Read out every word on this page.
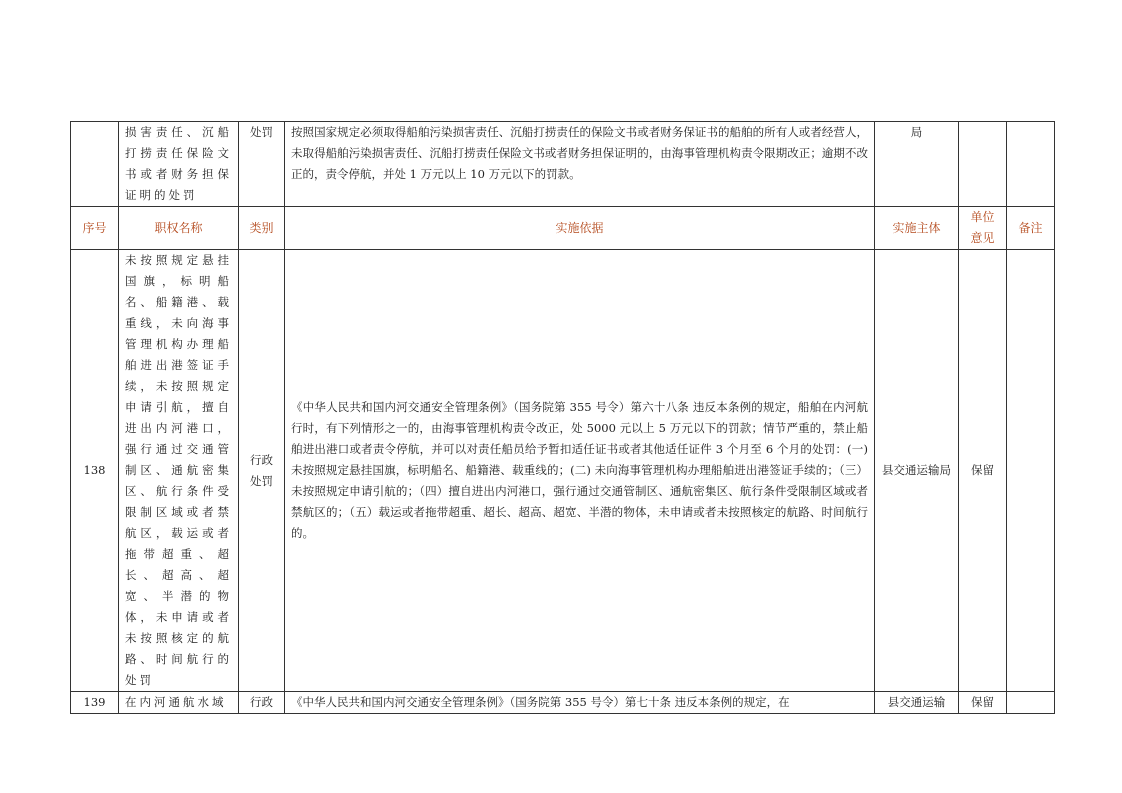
	损害责任、沉船打捞责任保险文书或者财务担保证明的处罚	处罚	按照国家规定必须取得船舶污染损害责任、沉船打捞责任的保险文书或者财务保证书的船舶的所有人或者经营人，未取得船舶污染损害责任、沉船打捞责任保险文书或者财务担保证明的，由海事管理机构责令限期改正；逾期不改正的，责令停航，并处 1 万元以上 10 万元以下的罚款。	局		
序号	职权名称	类别	实施依据	实施主体	单位意见	备注
138	未按照规定悬挂国旗，标明船名、船籍港、载重线，未向海事管理机构办理船舶进出港签证手续，未按照规定申请引航，擅自进出内河港口，强行通过交通管制区、通航密集区、航行条件受限制区域或者禁航区，载运或者拖带超重、超长、超高、超宽、半潜的物体，未申请或者未按照核定的航路、时间航行的处罚	行政处罚	《中华人民共和国内河交通安全管理条例》（国务院第 355 号令）第六十八条 违反本条例的规定，船舶在内河航行时，有下列情形之一的，由海事管理机构责令改正，处 5000 元以上 5 万元以下的罚款；情节严重的，禁止船舶进出港口或者责令停航，并可以对责任船员给予暂扣适任证书或者其他适任证件 3 个月至 6 个月的处罚：(一) 未按照规定悬挂国旗，标明船名、船籍港、载重线的；(二) 未向海事管理机构办理船舶进出港签证手续的；（三）未按照规定申请引航的；（四）擅自进出内河港口，强行通过交通管制区、通航密集区、航行条件受限制区域或者禁航区的；（五）载运或者拖带超重、超长、超高、超宽、半潜的物体，未申请或者未按照核定的航路、时间航行的。	县交通运输局	保留	
139	在内河通航水域	行政	《中华人民共和国内河交通安全管理条例》（国务院第 355 号令）第七十条 违反本条例的规定，在	县交通运输	保留	
